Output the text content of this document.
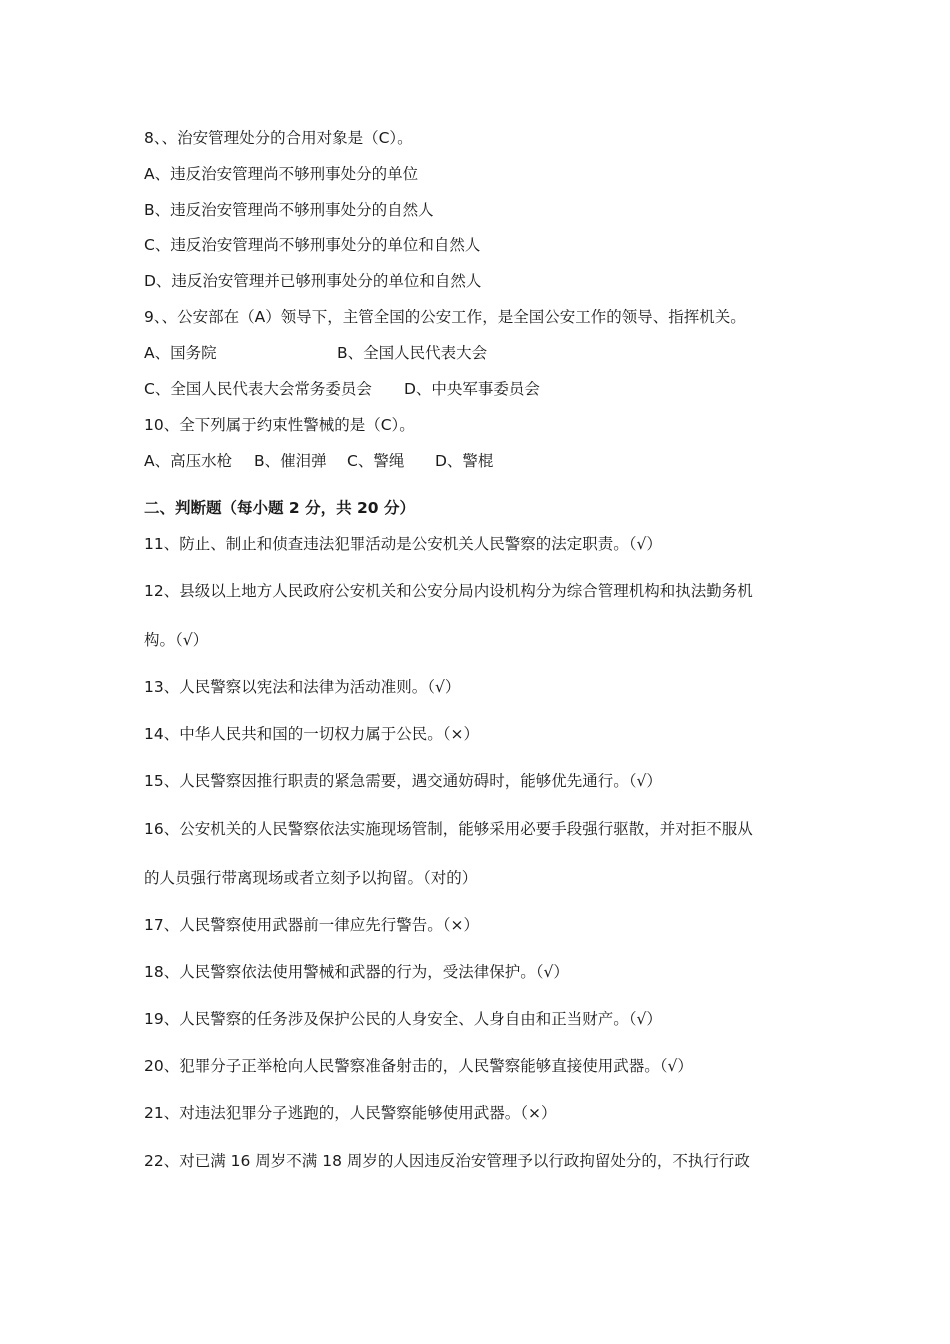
8、、治安管理处分的合用对象是（C）。
A、违反治安管理尚不够刑事处分的单位
B、违反治安管理尚不够刑事处分的自然人
C、违反治安管理尚不够刑事处分的单位和自然人
D、违反治安管理并已够刑事处分的单位和自然人
9、、公安部在（A）领导下，主管全国的公安工作，是全国公安工作的领导、指挥机关。
A、国务院	B、全国人民代表大会
C、全国人民代表大会常务委员会 D、中央军事委员会
10、全下列属于约束性警械的是（C）。
A、高压水枪 B、催泪弹 C、警绳 D、警棍
二、判断题（每小题 2 分，共 20 分）
11、防止、制止和侦查违法犯罪活动是公安机关人民警察的法定职责。（√）
12、县级以上地方人民政府公安机关和公安分局内设机构分为综合管理机构和执法勤务机
构。（√）
13、人民警察以宪法和法律为活动准则。（√）
14、中华人民共和国的一切权力属于公民。（×）
15、人民警察因推行职责的紧急需要，遇交通妨碍时，能够优先通行。（√）
16、公安机关的人民警察依法实施现场管制，能够采用必要手段强行驱散，并对拒不服从
的人员强行带离现场或者立刻予以拘留。（对的）
17、人民警察使用武器前一律应先行警告。（×）
18、人民警察依法使用警械和武器的行为，受法律保护。（√）
19、人民警察的任务涉及保护公民的人身安全、人身自由和正当财产。（√）
20、犯罪分子正举枪向人民警察准备射击的，人民警察能够直接使用武器。（√）
21、对违法犯罪分子逃跑的，人民警察能够使用武器。（×）
22、对已满 16 周岁不满 18 周岁的人因违反治安管理予以行政拘留处分的，不执行行政
